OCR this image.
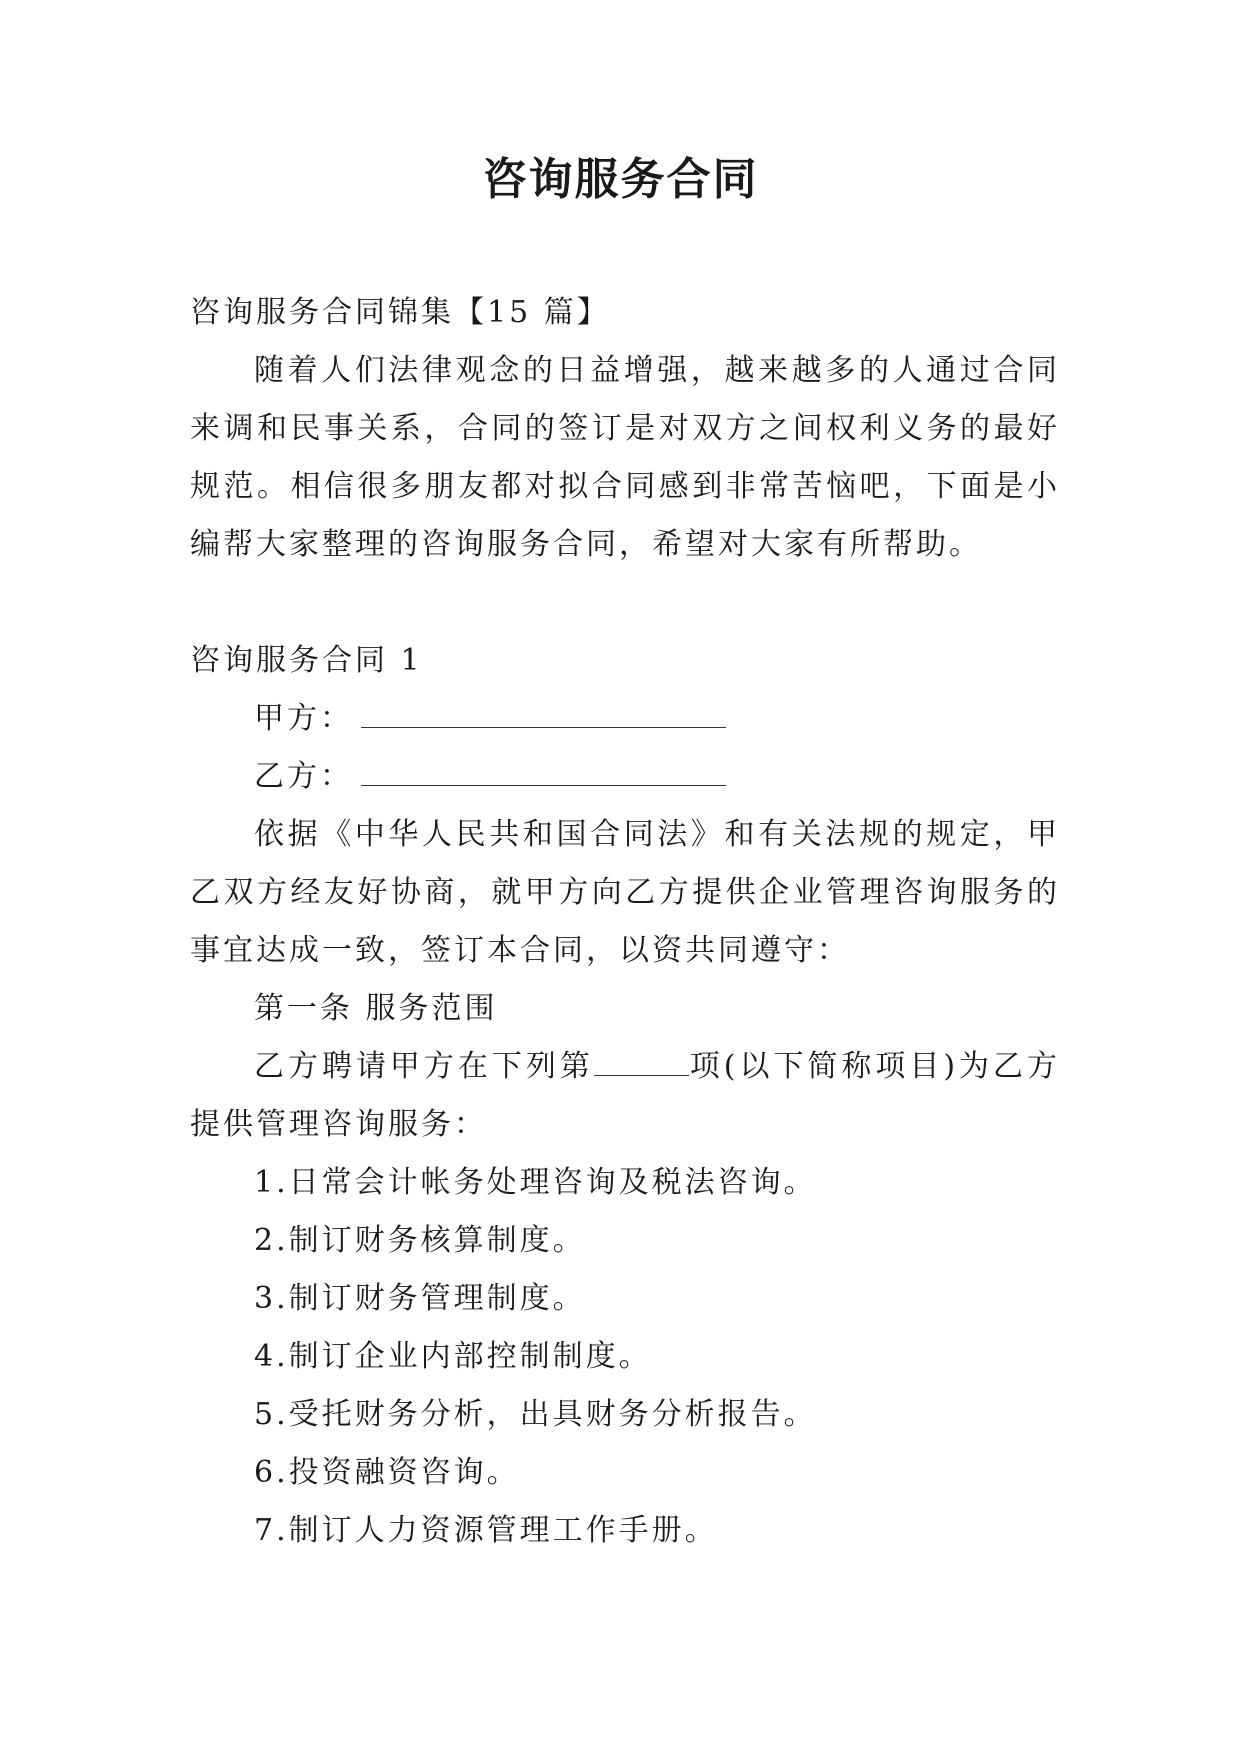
咨询服务合同

咨询服务合同锦集【15 篇】

随着人们法律观念的日益增强，越来越多的人通过合同来调和民事关系，合同的签订是对双方之间权利义务的最好规范。相信很多朋友都对拟合同感到非常苦恼吧，下面是小编帮大家整理的咨询服务合同，希望对大家有所帮助。

咨询服务合同 1

甲方：

乙方：

依据《中华人民共和国合同法》和有关法规的规定，甲乙双方经友好协商，就甲方向乙方提供企业管理咨询服务的事宜达成一致，签订本合同，以资共同遵守：

第一条 服务范围

乙方聘请甲方在下列第	项(以下简称项目)为乙方提供管理咨询服务：

1.日常会计帐务处理咨询及税法咨询。

2.制订财务核算制度。

3.制订财务管理制度。

4.制订企业内部控制制度。

5.受托财务分析，出具财务分析报告。

6.投资融资咨询。

7.制订人力资源管理工作手册。
